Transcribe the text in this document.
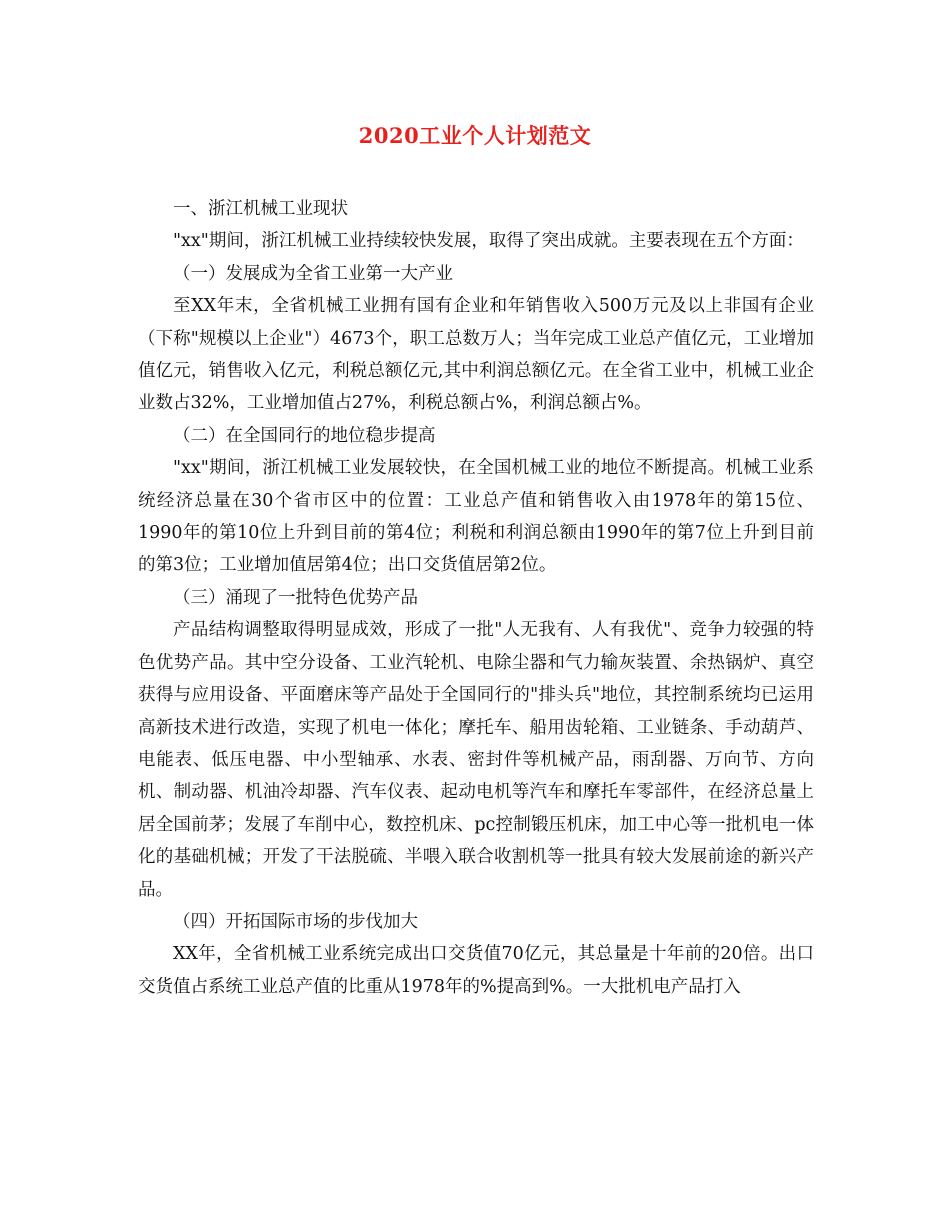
2020工业个人计划范文

一、浙江机械工业现状

"xx"期间，浙江机械工业持续较快发展，取得了突出成就。主要表现在五个方面：

（一）发展成为全省工业第一大产业

至XX年末，全省机械工业拥有国有企业和年销售收入500万元及以上非国有企业（下称"规模以上企业"）4673个，职工总数万人；当年完成工业总产值亿元，工业增加值亿元，销售收入亿元，利税总额亿元,其中利润总额亿元。在全省工业中，机械工业企业数占32%，工业增加值占27%，利税总额占%，利润总额占%。

（二）在全国同行的地位稳步提高

"xx"期间，浙江机械工业发展较快，在全国机械工业的地位不断提高。机械工业系统经济总量在30个省市区中的位置：工业总产值和销售收入由1978年的第15位、1990年的第10位上升到目前的第4位；利税和利润总额由1990年的第7位上升到目前的第3位；工业增加值居第4位；出口交货值居第2位。

（三）涌现了一批特色优势产品

产品结构调整取得明显成效，形成了一批"人无我有、人有我优"、竞争力较强的特色优势产品。其中空分设备、工业汽轮机、电除尘器和气力输灰装置、余热锅炉、真空获得与应用设备、平面磨床等产品处于全国同行的"排头兵"地位，其控制系统均已运用高新技术进行改造，实现了机电一体化；摩托车、船用齿轮箱、工业链条、手动葫芦、电能表、低压电器、中小型轴承、水表、密封件等机械产品，雨刮器、万向节、方向机、制动器、机油冷却器、汽车仪表、起动电机等汽车和摩托车零部件，在经济总量上居全国前茅；发展了车削中心，数控机床、pc控制锻压机床，加工中心等一批机电一体化的基础机械；开发了干法脱硫、半喂入联合收割机等一批具有较大发展前途的新兴产品。

（四）开拓国际市场的步伐加大

XX年，全省机械工业系统完成出口交货值70亿元，其总量是十年前的20倍。出口交货值占系统工业总产值的比重从1978年的%提高到%。一大批机电产品打入
